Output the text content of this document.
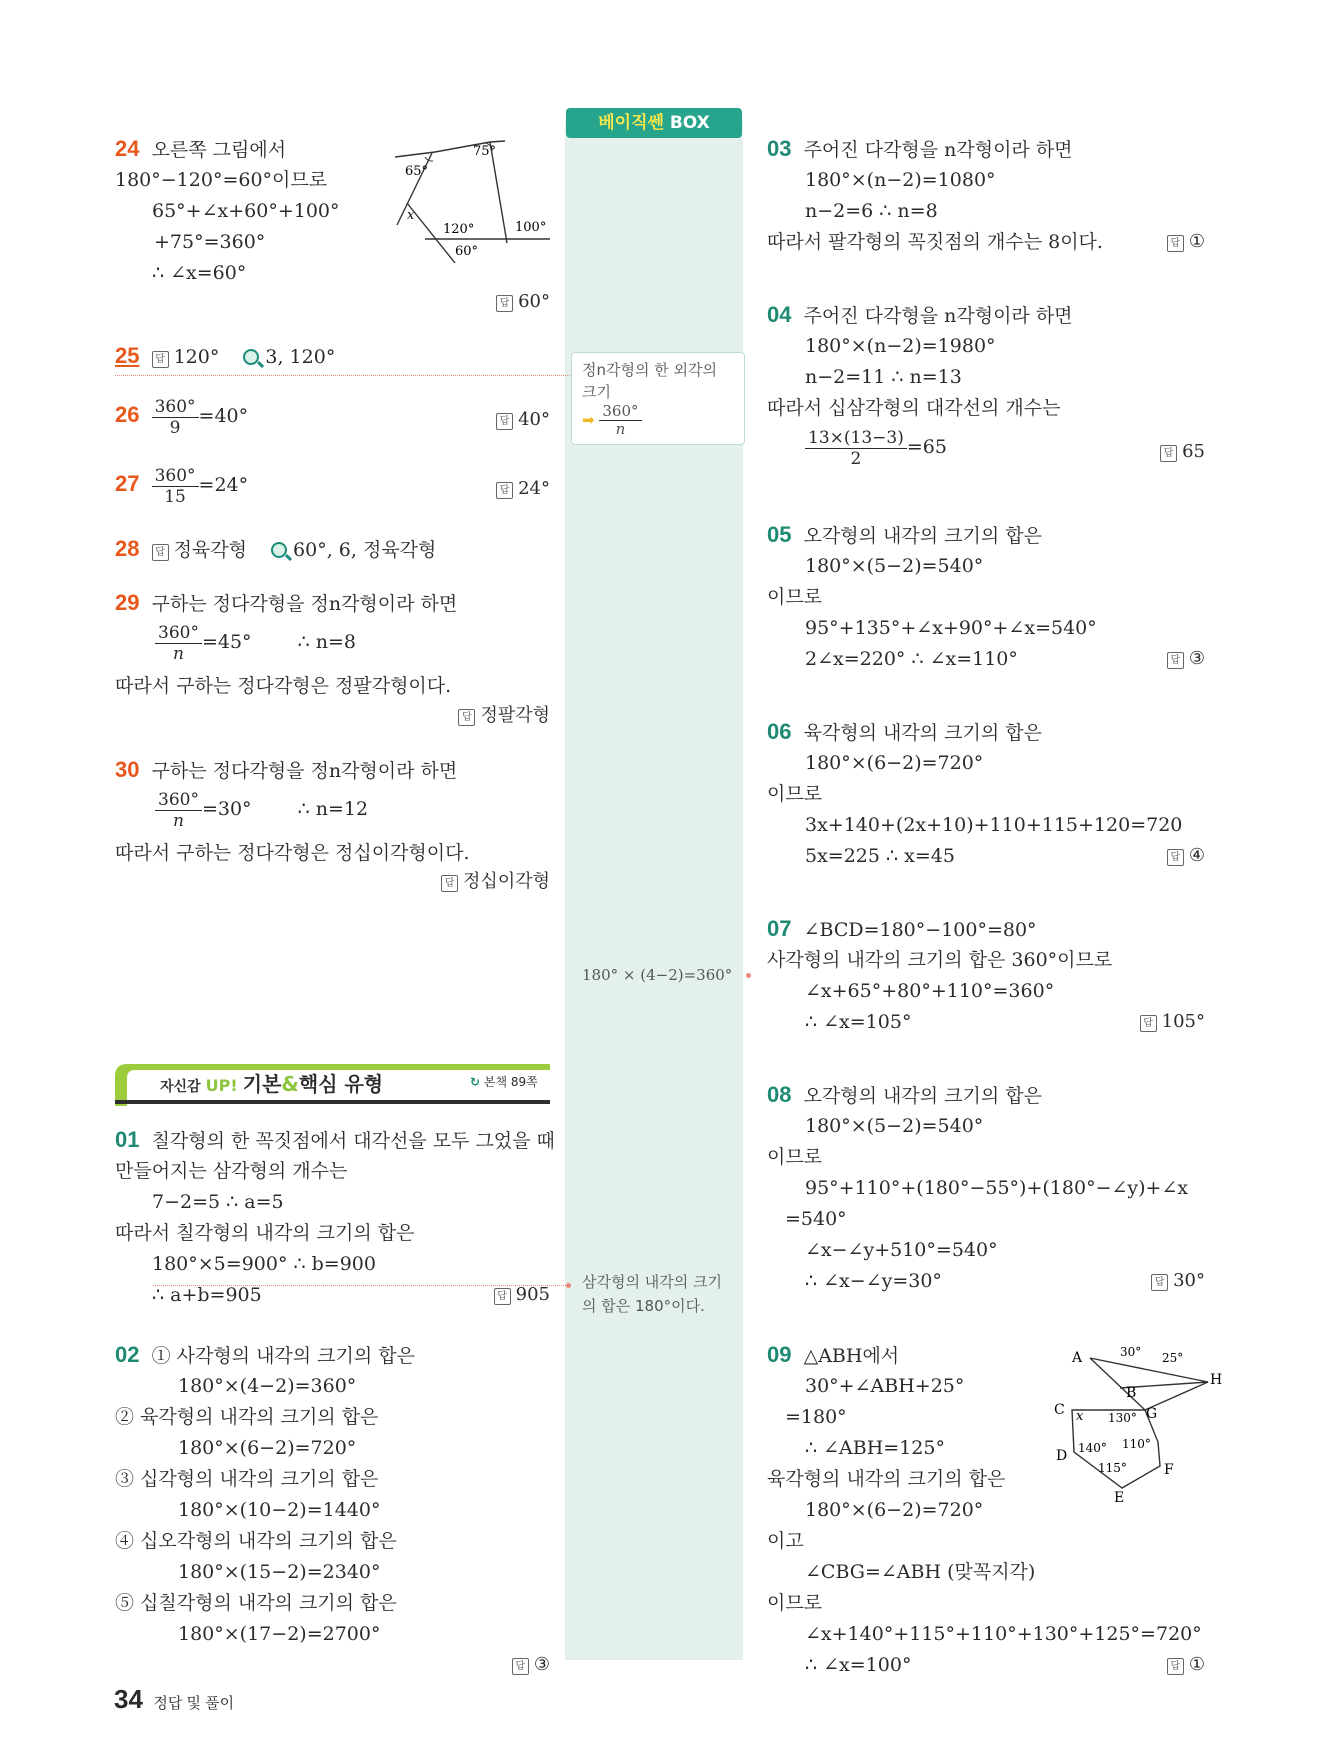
베이직쎈 BOX
정n각형의 한 외각의
크기
➡ $\frac{360^\circ}{n}$
180° × (4−2)=360°
삼각형의 내각의 크기
의 합은 180°이다.
24 오른쪽 그림에서
180°−120°=60°이므로
65°+∠x+60°+100°
+75°=360°
∴ ∠x=60°
75°
65°
x
120°	100°
60°
답 60°
25 답 120° 3, 120°
$26 \frac{360^\circ}{9} =40^\circ$	답 40°
$27 \frac{360^\circ}{15} =24^\circ$	답 24°
28 답 정육각형 60°, 6, 정육각형
29 구하는 정다각형을 정n각형이라 하면
$\frac{360^\circ}{n} =45^\circ$ ∴ n=8
따라서 구하는 정다각형은 정팔각형이다.
답 정팔각형
30 구하는 정다각형을 정n각형이라 하면
$\frac{360^\circ}{n} =30^\circ$ ∴ n=12
따라서 구하는 정다각형은 정십이각형이다.
답 정십이각형
자신감 UP! 기본&핵심 유형	↻ 본책 89쪽
01 칠각형의 한 꼭짓점에서 대각선을 모두 그었을 때
만들어지는 삼각형의 개수는
7−2=5 ∴ a=5
따라서 칠각형의 내각의 크기의 합은
180°×5=900° ∴ b=900
∴ a+b=905	답 905
02 ① 사각형의 내각의 크기의 합은
180°×(4−2)=360°
② 육각형의 내각의 크기의 합은
180°×(6−2)=720°
③ 십각형의 내각의 크기의 합은
180°×(10−2)=1440°
④ 십오각형의 내각의 크기의 합은
180°×(15−2)=2340°
⑤ 십칠각형의 내각의 크기의 합은
180°×(17−2)=2700°
답 ③
03 주어진 다각형을 n각형이라 하면
180°×(n−2)=1080°
n−2=6 ∴ n=8
따라서 팔각형의 꼭짓점의 개수는 8이다.	답 ①
04 주어진 다각형을 n각형이라 하면
180°×(n−2)=1980°
n−2=11 ∴ n=13
따라서 십삼각형의 대각선의 개수는
$\frac{13\times(13-3)}{2} =65$	답 65
05 오각형의 내각의 크기의 합은
180°×(5−2)=540°
이므로
95°+135°+∠x+90°+∠x=540°
2∠x=220° ∴ ∠x=110°	답 ③
06 육각형의 내각의 크기의 합은
180°×(6−2)=720°
이므로
3x+140+(2x+10)+110+115+120=720
5x=225 ∴ x=45	답 ④
07 ∠BCD=180°−100°=80°
사각형의 내각의 크기의 합은 360°이므로
∠x+65°+80°+110°=360°
∴ ∠x=105°	답 105°
08 오각형의 내각의 크기의 합은
180°×(5−2)=540°
이므로
95°+110°+(180°−55°)+(180°−∠y)+∠x
=540°
∠x−∠y+510°=540°
∴ ∠x−∠y=30°	답 30°
09 △ABH에서
30°+∠ABH+25°
=180°
∴ ∠ABH=125°
육각형의 내각의 크기의 합은
180°×(6−2)=720°
이고
∠CBG=∠ABH (맞꼭지각)
이므로
∠x+140°+115°+110°+130°+125°=720°
∴ ∠x=100°	답 ①
A	30° 25°
H
B
C x 130° G
D 140° 110°
115°	F
E
34 정답 및 풀이
